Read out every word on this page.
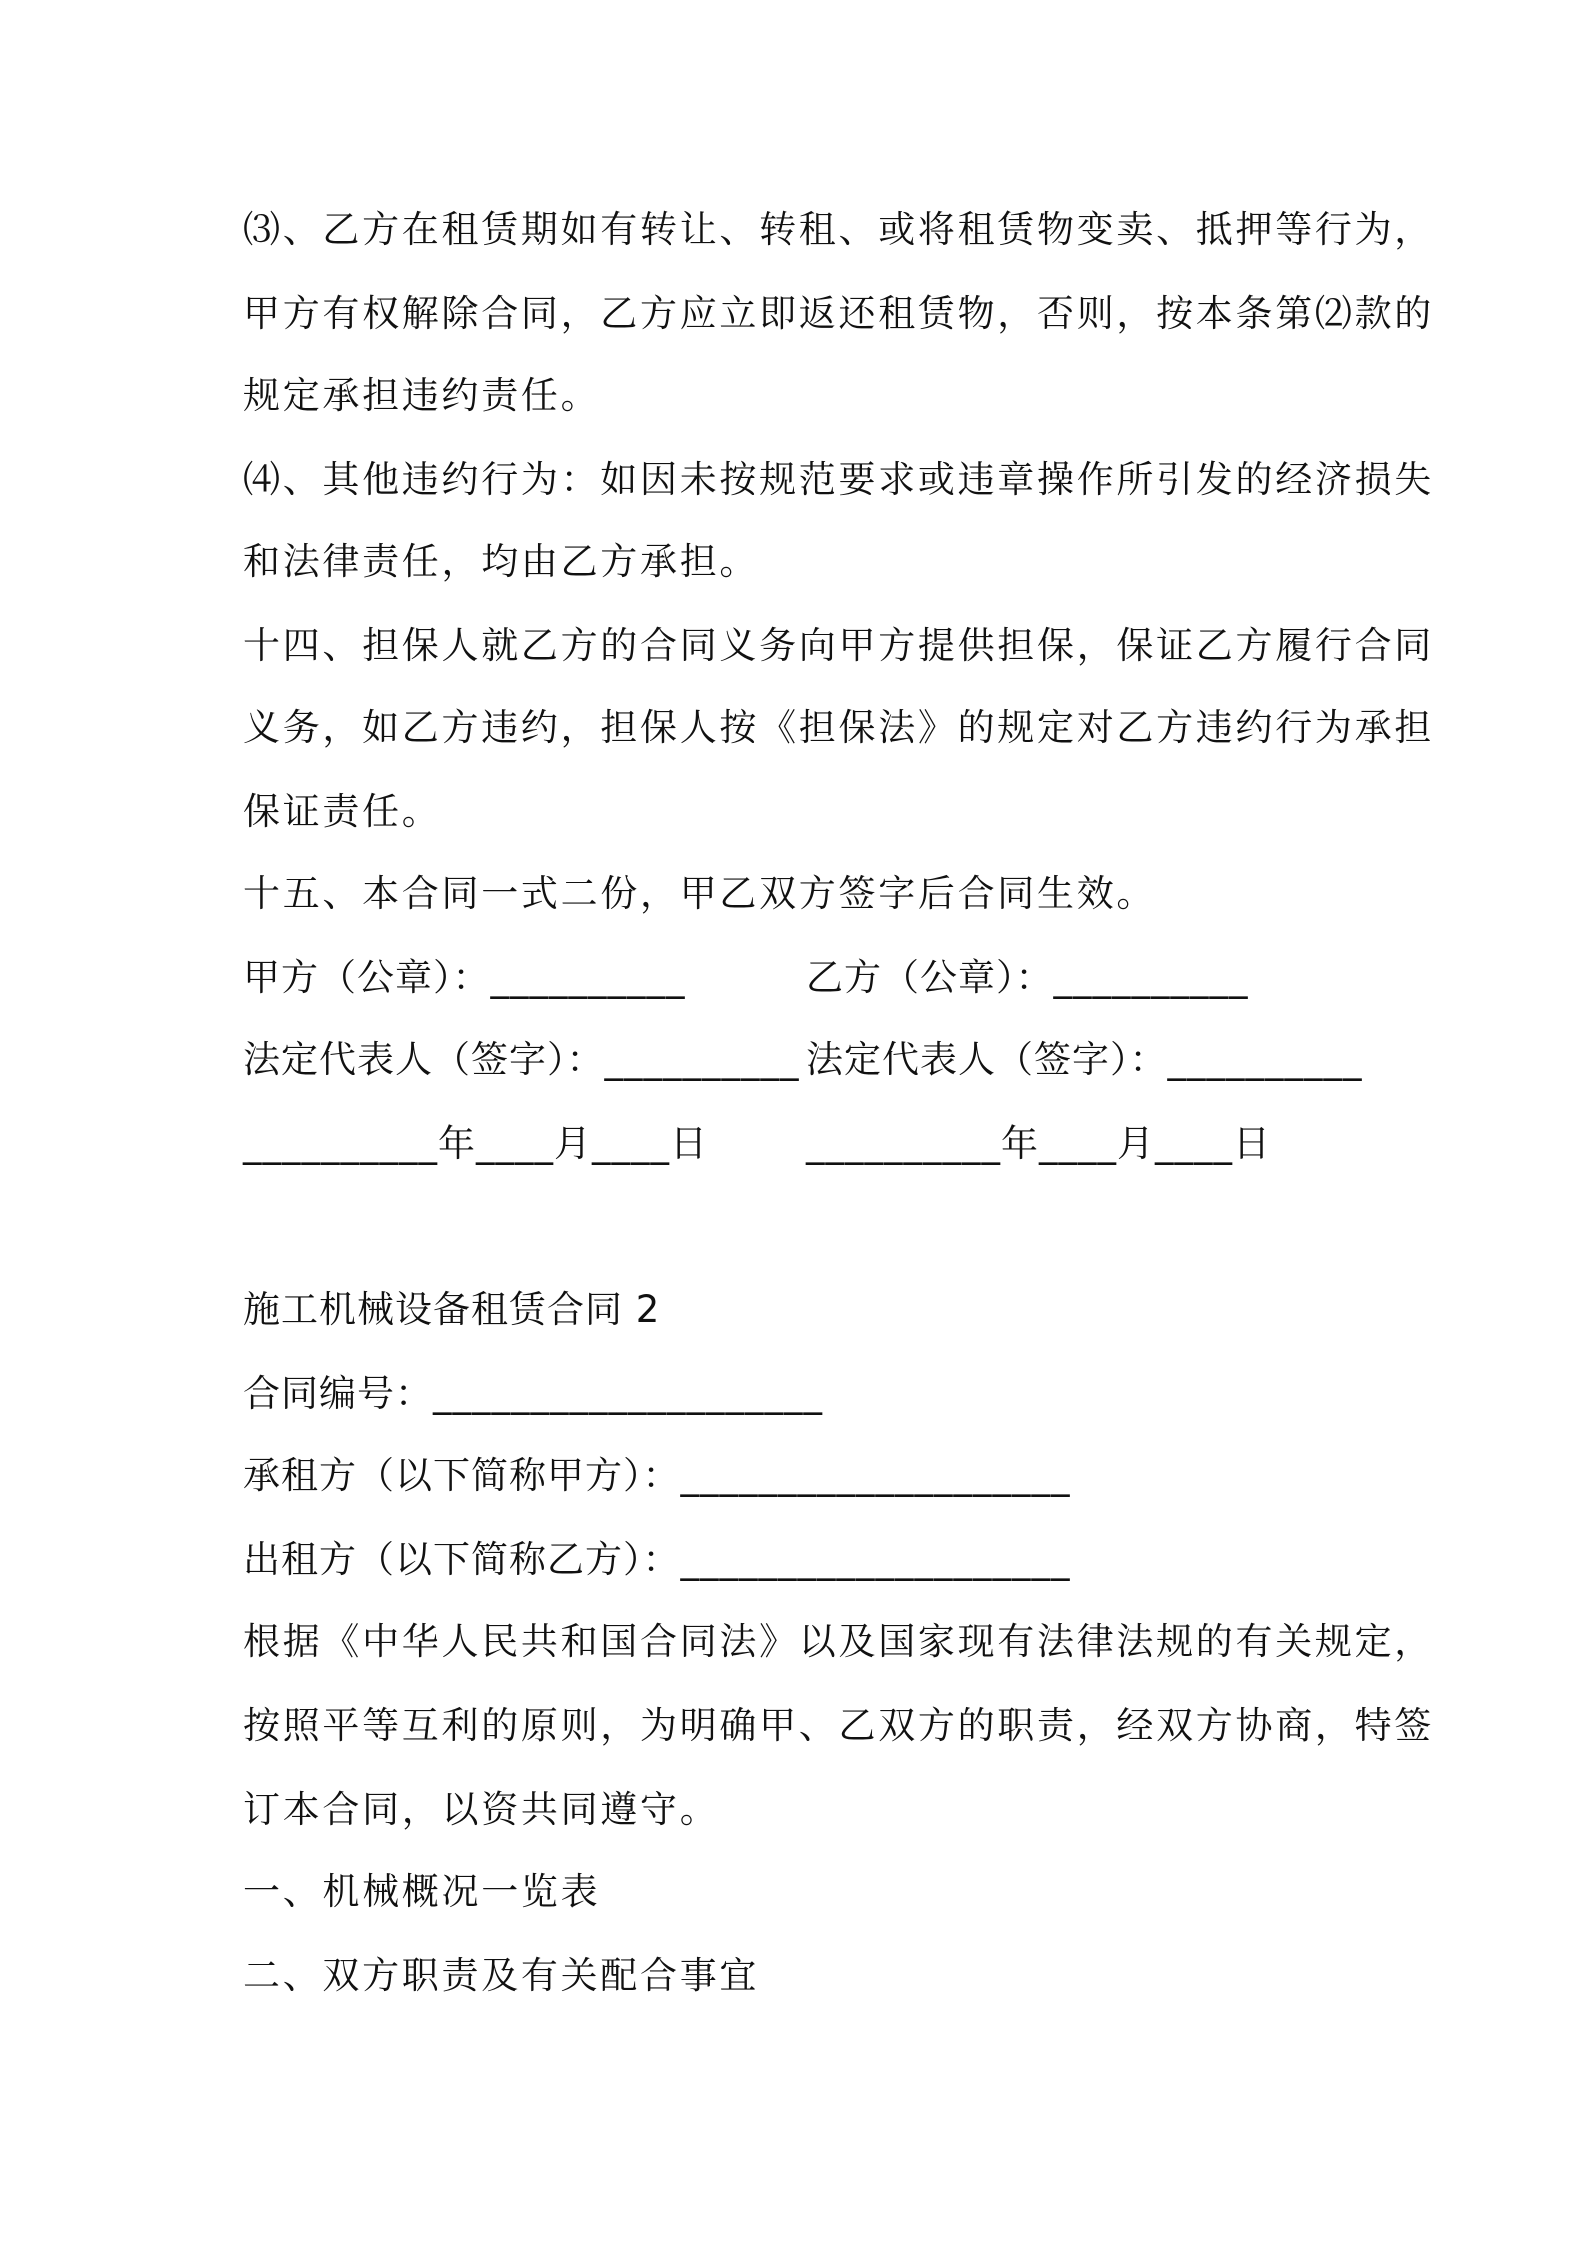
⑶、乙方在租赁期如有转让、转租、或将租赁物变卖、抵押等行为，
甲方有权解除合同，乙方应立即返还租赁物，否则，按本条第⑵款的
规定承担违约责任。
⑷、其他违约行为：如因未按规范要求或违章操作所引发的经济损失
和法律责任，均由乙方承担。
十四、担保人就乙方的合同义务向甲方提供担保，保证乙方履行合同
义务，如乙方违约，担保人按《担保法》的规定对乙方违约行为承担
保证责任。
十五、本合同一式二份，甲乙双方签字后合同生效。
甲方（公章）：__________	乙方（公章）：__________
法定代表人（签字）：__________ 法定代表人（签字）：__________
__________年____月____日	__________年____月____日
施工机械设备租赁合同 2
合同编号：____________________
承租方（以下简称甲方）：____________________
出租方（以下简称乙方）：____________________
根据《中华人民共和国合同法》以及国家现有法律法规的有关规定，
按照平等互利的原则，为明确甲、乙双方的职责，经双方协商，特签
订本合同，以资共同遵守。
一、机械概况一览表
二、双方职责及有关配合事宜
